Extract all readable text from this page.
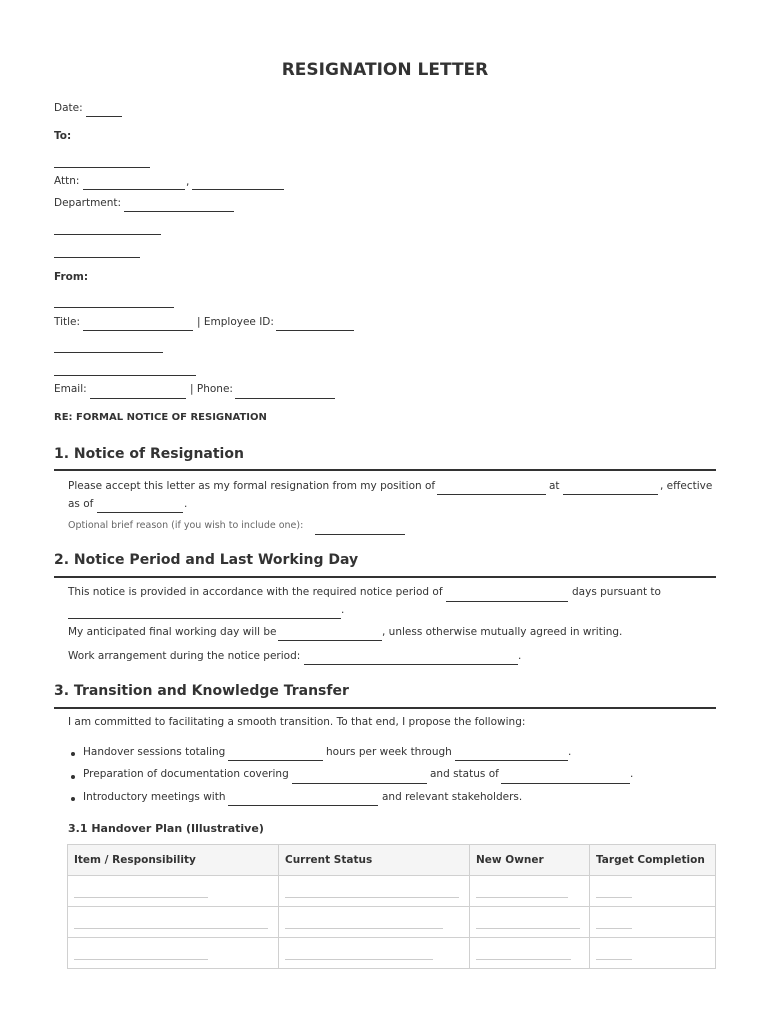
RESIGNATION LETTER
Date:
To:
Attn:	,
Department:
From:
Title:	| Employee ID:
Email:	| Phone:
RE: FORMAL NOTICE OF RESIGNATION
1. Notice of Resignation
Please accept this letter as my formal resignation from my position of	at	, effective
as of	.
Optional brief reason (if you wish to include one):
2. Notice Period and Last Working Day
This notice is provided in accordance with the required notice period of	days pursuant to
.
My anticipated final working day will be	, unless otherwise mutually agreed in writing.
Work arrangement during the notice period:	.
3. Transition and Knowledge Transfer
I am committed to facilitating a smooth transition. To that end, I propose the following:
Handover sessions totaling	hours per week through	.
Preparation of documentation covering	and status of	.
Introductory meetings with	and relevant stakeholders.
3.1 Handover Plan (Illustrative)
Item / Responsibility	Current Status	New Owner	Target Completion
